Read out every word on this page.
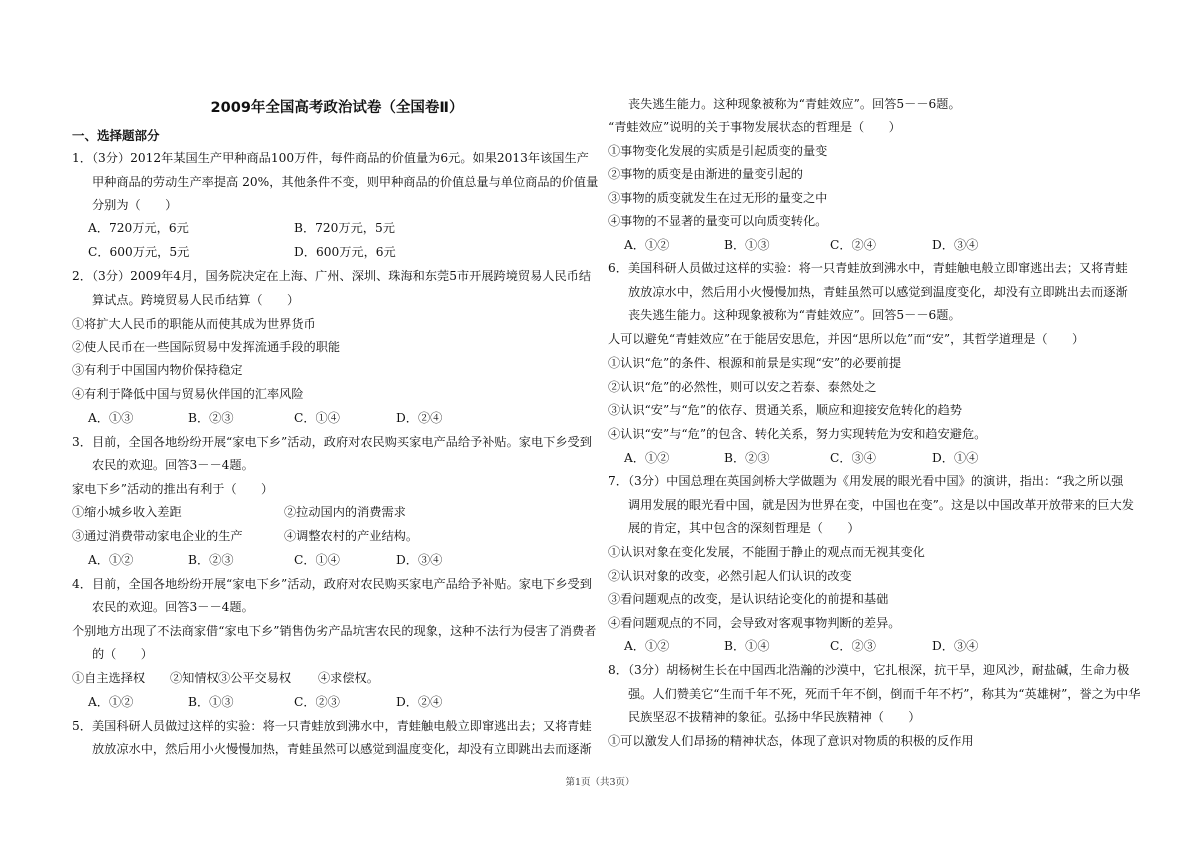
2009年全国高考政治试卷（全国卷Ⅱ）
一、选择题部分
1．（3分）2012年某国生产甲种商品100万件，每件商品的价值量为6元。如果2013年该国生产
甲种商品的劳动生产率提高 20%，其他条件不变，则甲种商品的价值总量与单位商品的价值量
分别为（　　）
A．720万元，6元	B．720万元，5元
C．600万元，5元	D．600万元，6元
2．（3分）2009年4月，国务院决定在上海、广州、深圳、珠海和东莞5市开展跨境贸易人民币结
算试点。跨境贸易人民币结算（　　）
①将扩大人民币的职能从而使其成为世界货币
②使人民币在一些国际贸易中发挥流通手段的职能
③有利于中国国内物价保持稳定
④有利于降低中国与贸易伙伴国的汇率风险
A．①③	B．②③	C．①④	D．②④
3．目前，全国各地纷纷开展“家电下乡”活动，政府对农民购买家电产品给予补贴。家电下乡受到
农民的欢迎。回答3－－4题。
家电下乡”活动的推出有利于（　　）
①缩小城乡收入差距	②拉动国内的消费需求
③通过消费带动家电企业的生产	④调整农村的产业结构。
A．①②	B．②③	C．①④	D．③④
4．目前，全国各地纷纷开展“家电下乡”活动，政府对农民购买家电产品给予补贴。家电下乡受到
农民的欢迎。回答3－－4题。
个别地方出现了不法商家借“家电下乡”销售伪劣产品坑害农民的现象，这种不法行为侵害了消费者
的（　　）
①自主选择权 ②知情权 ③公平交易权 ④求偿权。
A．①②	B．①③	C．②③	D．②④
5．美国科研人员做过这样的实验：将一只青蛙放到沸水中，青蛙触电般立即窜逃出去；又将青蛙
放放凉水中，然后用小火慢慢加热，青蛙虽然可以感觉到温度变化，却没有立即跳出去而逐渐
丧失逃生能力。这种现象被称为“青蛙效应”。回答5－－6题。
“青蛙效应”说明的关于事物发展状态的哲理是（　　）
①事物变化发展的实质是引起质变的量变
②事物的质变是由渐进的量变引起的
③事物的质变就发生在过无形的量变之中
④事物的不显著的量变可以向质变转化。
A．①②	B．①③	C．②④	D．③④
6．美国科研人员做过这样的实验：将一只青蛙放到沸水中，青蛙触电般立即窜逃出去；又将青蛙
放放凉水中，然后用小火慢慢加热，青蛙虽然可以感觉到温度变化，却没有立即跳出去而逐渐
丧失逃生能力。这种现象被称为“青蛙效应”。回答5－－6题。
人可以避免“青蛙效应”在于能居安思危，并因“思所以危”而“安”，其哲学道理是（　　）
①认识“危”的条件、根源和前景是实现“安”的必要前提
②认识“危”的必然性，则可以安之若泰、泰然处之
③认识“安”与“危”的依存、贯通关系，顺应和迎接安危转化的趋势
④认识“安”与“危”的包含、转化关系，努力实现转危为安和趋安避危。
A．①②	B．②③	C．③④	D．①④
7．（3分）中国总理在英国剑桥大学做题为《用发展的眼光看中国》的演讲，指出：“我之所以强
调用发展的眼光看中国，就是因为世界在变，中国也在变”。这是以中国改革开放带来的巨大发
展的肯定，其中包含的深刻哲理是（　　）
①认识对象在变化发展，不能囿于静止的观点而无视其变化
②认识对象的改变，必然引起人们认识的改变
③看问题观点的改变，是认识结论变化的前提和基础
④看问题观点的不同，会导致对客观事物判断的差异。
A．①②	B．①④	C．②③	D．③④
8．（3分）胡杨树生长在中国西北浩瀚的沙漠中，它扎根深，抗干旱，迎风沙，耐盐碱，生命力极
强。人们赞美它“生而千年不死，死而千年不倒，倒而千年不朽”，称其为“英雄树”，誉之为中华
民族坚忍不拔精神的象征。弘扬中华民族精神（　　）
①可以激发人们昂扬的精神状态，体现了意识对物质的积极的反作用
第1页（共3页）
